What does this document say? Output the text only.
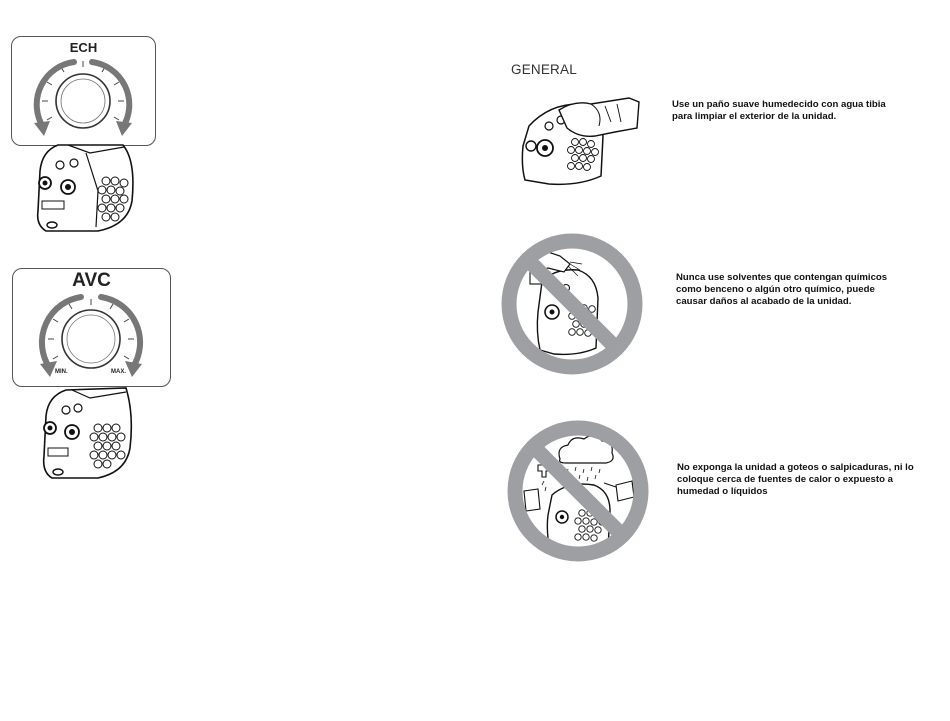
ECH
AVC
MIN.	MAX.
GENERAL
Use un paño suave humedecido con agua tibia
para limpiar el exterior de la unidad.
Nunca use solventes que contengan químicos
como benceno o algún otro químico, puede
causar daños al acabado de la unidad.
No exponga la unidad a goteos o salpicaduras, ni lo
coloque cerca de fuentes de calor o expuesto a
humedad o líquidos
